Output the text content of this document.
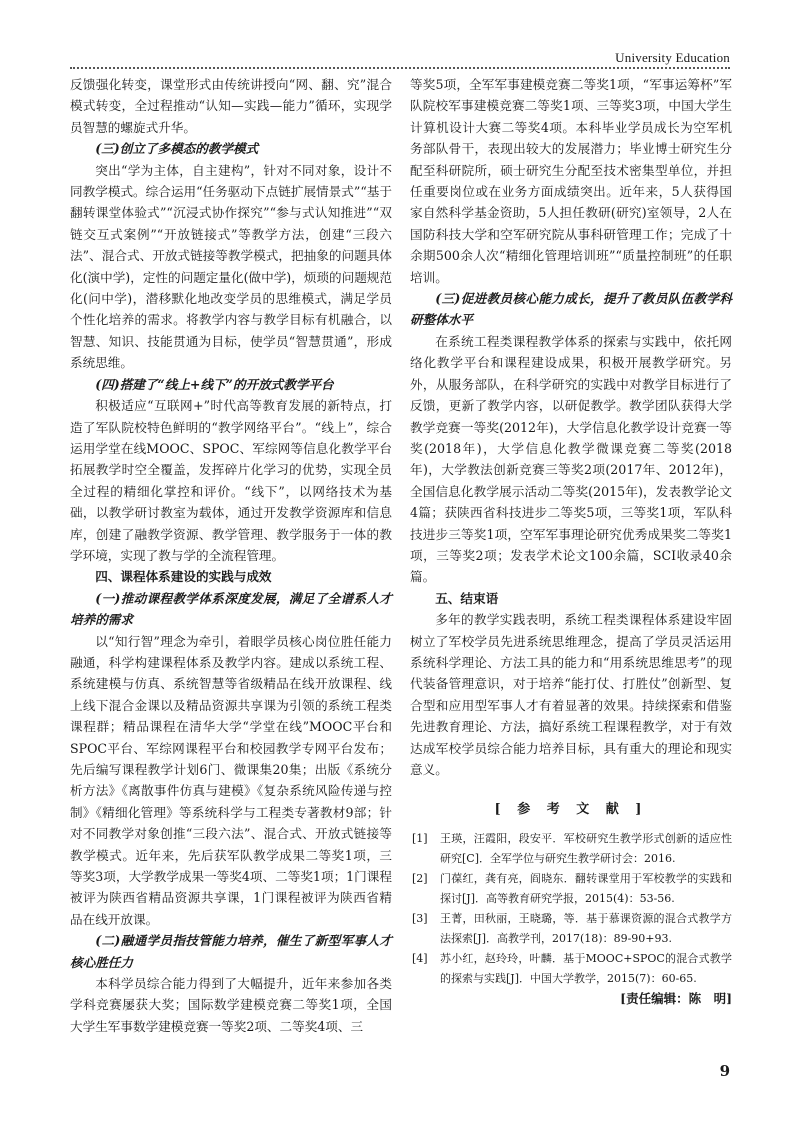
University Education

反馈强化转变，课堂形式由传统讲授向“网、翻、究”混合模式转变，全过程推动“认知—实践—能力”循环，实现学员智慧的螺旋式升华。

(三)创立了多模态的教学模式

突出“学为主体，自主建构”，针对不同对象，设计不同教学模式。综合运用“任务驱动下点链扩展情景式”“基于翻转课堂体验式”“沉浸式协作探究”“参与式认知推进”“双链交互式案例”“开放链接式”等教学方法，创建“三段六法”、混合式、开放式链接等教学模式，把抽象的问题具体化(演中学)，定性的问题定量化(做中学)，烦琐的问题规范化(问中学)，潜移默化地改变学员的思维模式，满足学员个性化培养的需求。将教学内容与教学目标有机融合，以智慧、知识、技能贯通为目标，使学员“智慧贯通”，形成系统思维。

(四)搭建了“线上+线下”的开放式教学平台

积极适应“互联网+”时代高等教育发展的新特点，打造了军队院校特色鲜明的“教学网络平台”。“线上”，综合运用学堂在线MOOC、SPOC、军综网等信息化教学平台拓展教学时空全覆盖，发挥碎片化学习的优势，实现全员全过程的精细化掌控和评价。“线下”，以网络技术为基础，以教学研讨教室为载体，通过开发教学资源库和信息库，创建了融教学资源、教学管理、教学服务于一体的教学环境，实现了教与学的全流程管理。

四、课程体系建设的实践与成效

(一)推动课程教学体系深度发展，满足了全谱系人才培养的需求

以“知行智”理念为牵引，着眼学员核心岗位胜任能力融通，科学构建课程体系及教学内容。建成以系统工程、系统建模与仿真、系统智慧等省级精品在线开放课程、线上线下混合金课以及精品资源共享课为引领的系统工程类课程群；精品课程在清华大学“学堂在线”MOOC平台和SPOC平台、军综网课程平台和校园教学专网平台发布；先后编写课程教学计划6门、微课集20集；出版《系统分析方法》《离散事件仿真与建模》《复杂系统风险传递与控制》《精细化管理》等系统科学与工程类专著教材9部；针对不同教学对象创推“三段六法”、混合式、开放式链接等教学模式。近年来，先后获军队教学成果二等奖1项，三等奖3项，大学教学成果一等奖4项、二等奖1项；1门课程被评为陕西省精品资源共享课，1门课程被评为陕西省精品在线开放课。

(二)融通学员指技管能力培养，催生了新型军事人才核心胜任力

本科学员综合能力得到了大幅提升，近年来参加各类学科竞赛屡获大奖；国际数学建模竞赛二等奖1项，全国大学生军事数学建模竞赛一等奖2项、二等奖4项、三

等奖5项，全军军事建模竞赛二等奖1项，“军事运筹杯”军队院校军事建模竞赛二等奖1项、三等奖3项，中国大学生计算机设计大赛二等奖4项。本科毕业学员成长为空军机务部队骨干，表现出较大的发展潜力；毕业博士研究生分配至科研院所，硕士研究生分配至技术密集型单位，并担任重要岗位或在业务方面成绩突出。近年来，5人获得国家自然科学基金资助，5人担任教研(研究)室领导，2人在国防科技大学和空军研究院从事科研管理工作；完成了十余期500余人次“精细化管理培训班”“质量控制班”的任职培训。

(三)促进教员核心能力成长，提升了教员队伍教学科研整体水平

在系统工程类课程教学体系的探索与实践中，依托网络化教学平台和课程建设成果，积极开展教学研究。另外，从服务部队，在科学研究的实践中对教学目标进行了反馈，更新了教学内容，以研促教学。教学团队获得大学教学竞赛一等奖(2012年)，大学信息化教学设计竞赛一等奖(2018年)，大学信息化教学微课竞赛二等奖(2018年)，大学教法创新竞赛三等奖2项(2017年、2012年)，全国信息化教学展示活动二等奖(2015年)，发表教学论文4篇；获陕西省科技进步二等奖5项，三等奖1项，军队科技进步三等奖1项，空军军事理论研究优秀成果奖二等奖1项，三等奖2项；发表学术论文100余篇，SCI收录40余篇。

五、结束语

多年的教学实践表明，系统工程类课程体系建设牢固树立了军校学员先进系统思维理念，提高了学员灵活运用系统科学理论、方法工具的能力和“用系统思维思考”的现代装备管理意识，对于培养“能打仗、打胜仗”创新型、复合型和应用型军事人才有着显著的效果。持续探索和借鉴先进教育理论、方法，搞好系统工程课程教学，对于有效达成军校学员综合能力培养目标，具有重大的理论和现实意义。

[ 参 考 文 献 ]
[1]	王瑛，汪霞阳，段安平．军校研究生教学形式创新的适应性研究[C]．全军学位与研究生教学研讨会：2016.
[2]	门葆红，龚有亮，阎晓东．翻转课堂用于军校教学的实践和探讨[J]．高等教育研究学报，2015(4)：53-56.
[3]	王菁，田秋丽，王晓璐，等．基于慕课资源的混合式教学方法探索[J]．高教学刊，2017(18)：89-90+93.
[4]	苏小红，赵玲玲，叶麟．基于MOOC+SPOC的混合式教学的探索与实践[J]．中国大学教学，2015(7)：60-65.
[责任编辑：陈　明]
9
